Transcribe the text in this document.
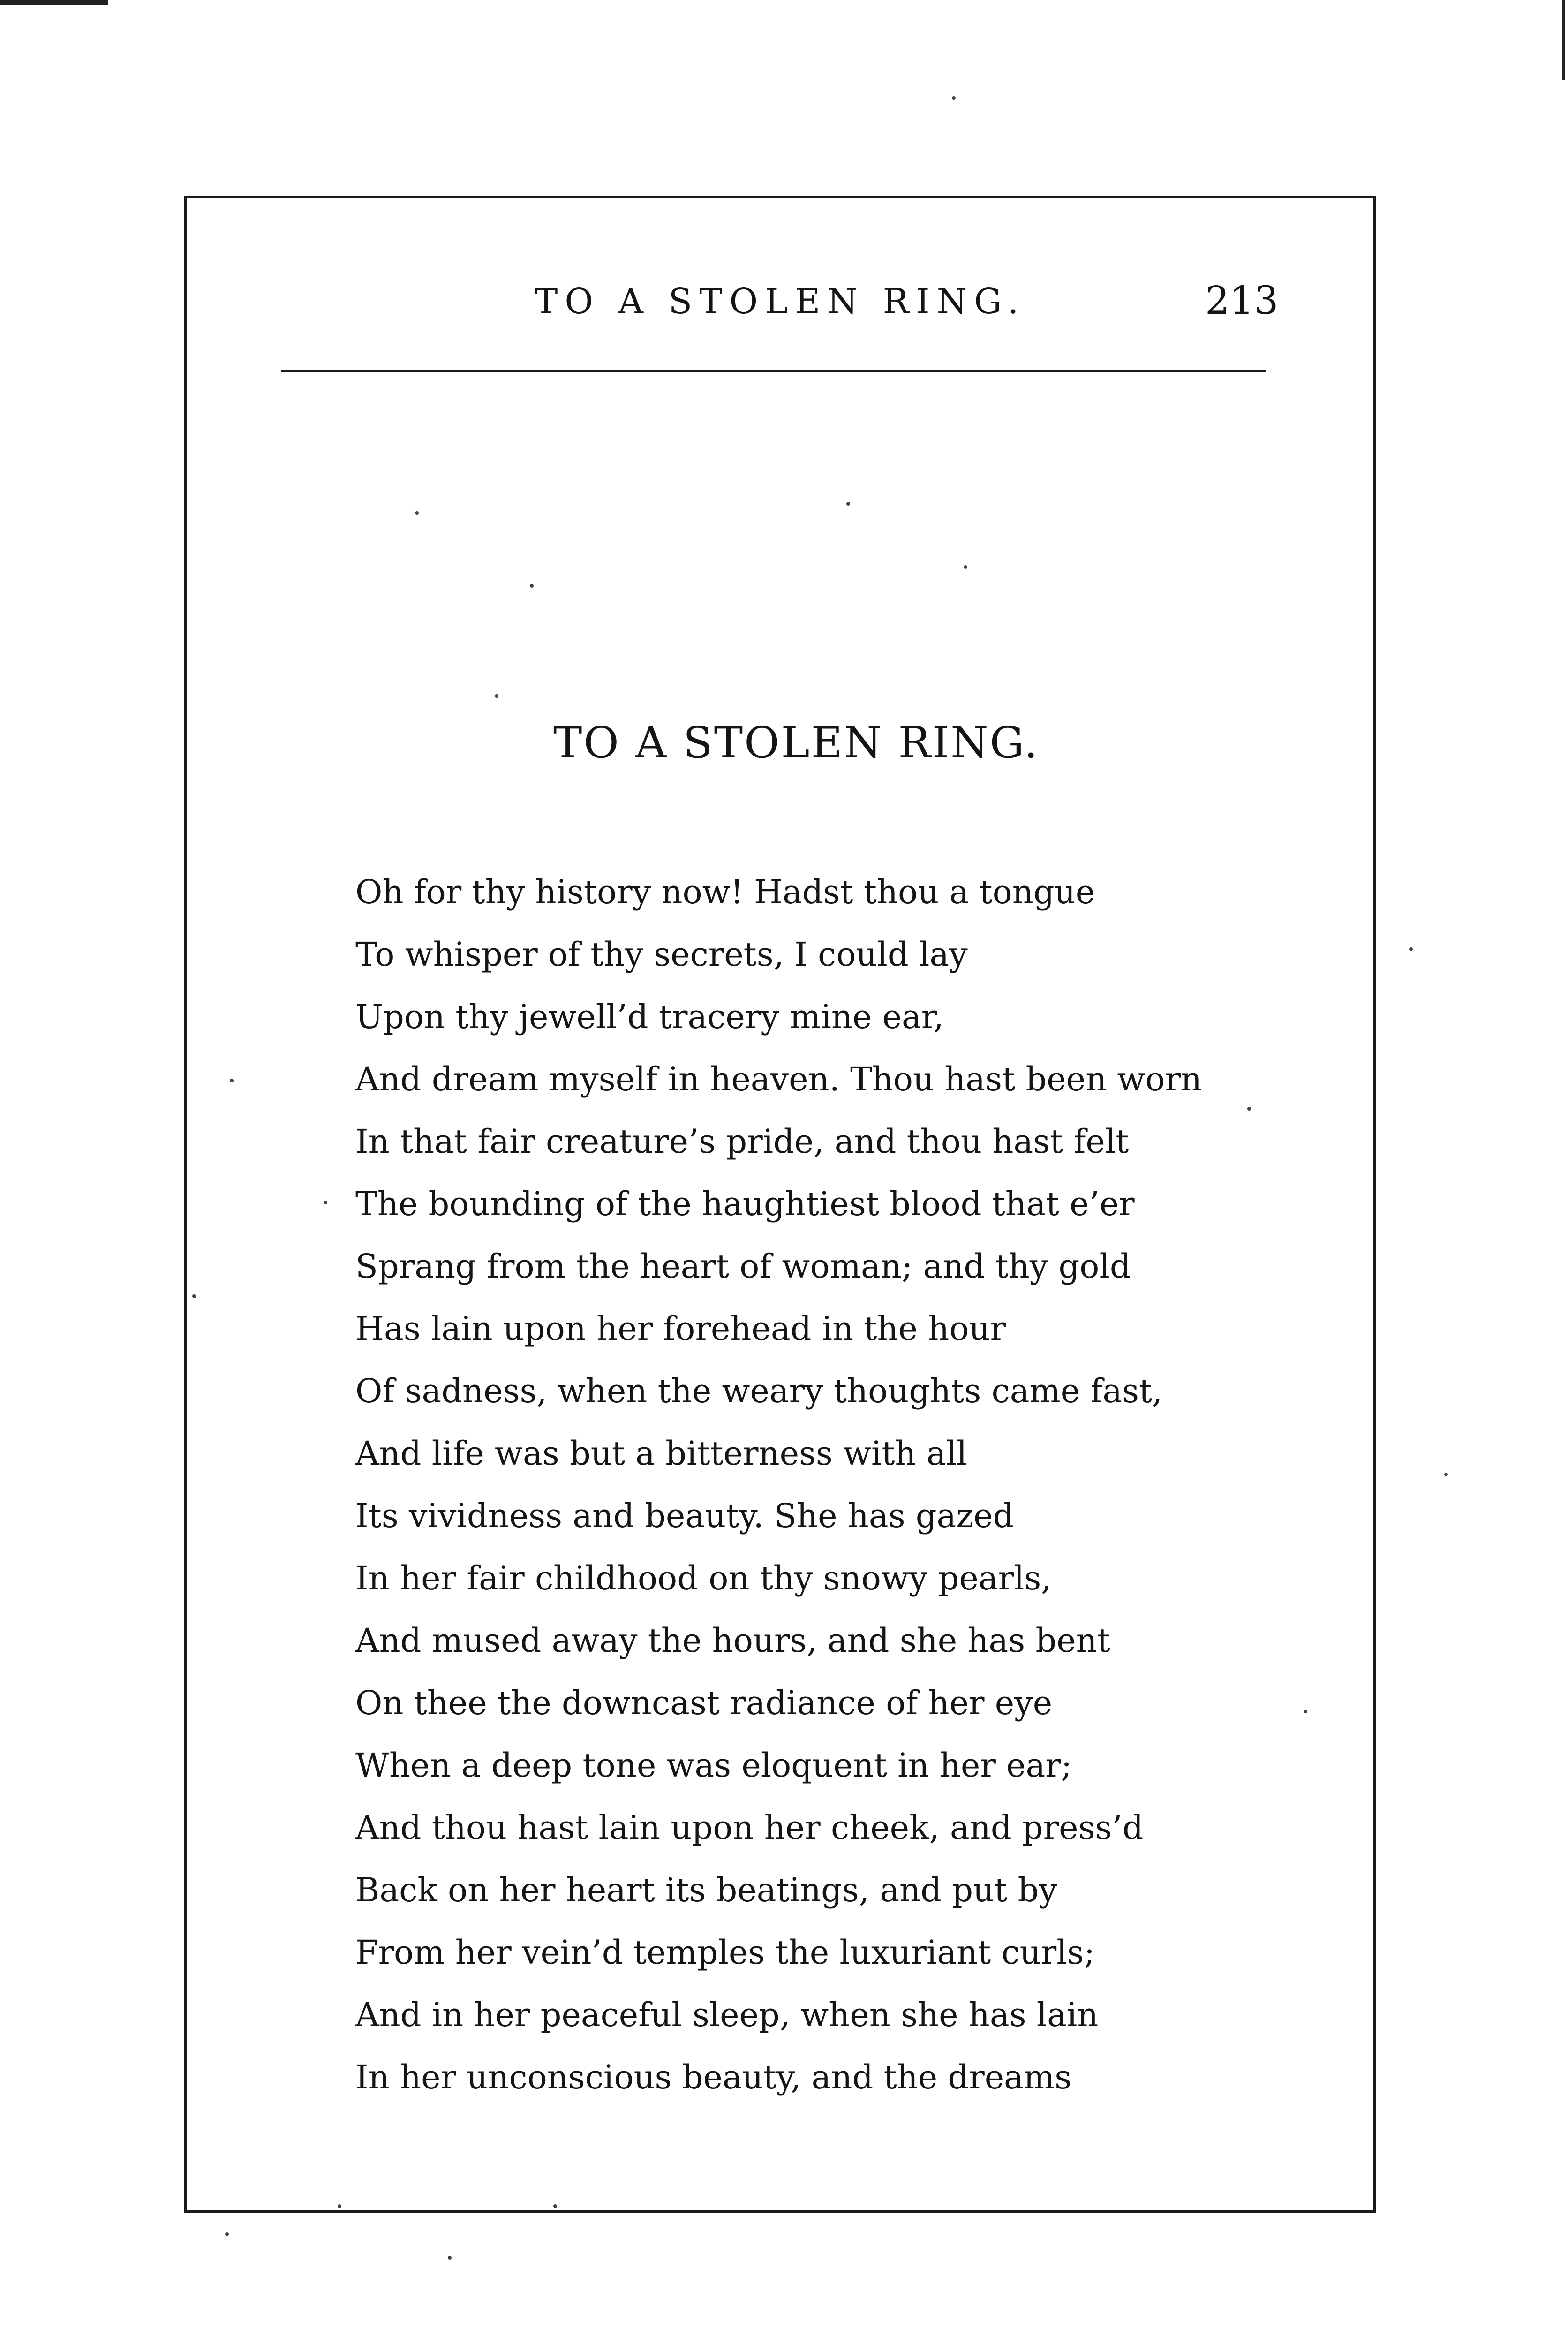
TO A STOLEN RING.	213
TO A STOLEN RING.
Oh for thy history now! Hadst thou a tongue
To whisper of thy secrets, I could lay
Upon thy jewell’d tracery mine ear,
And dream myself in heaven. Thou hast been worn
In that fair creature’s pride, and thou hast felt
The bounding of the haughtiest blood that e’er
Sprang from the heart of woman; and thy gold
Has lain upon her forehead in the hour
Of sadness, when the weary thoughts came fast,
And life was but a bitterness with all
Its vividness and beauty. She has gazed
In her fair childhood on thy snowy pearls,
And mused away the hours, and she has bent
On thee the downcast radiance of her eye
When a deep tone was eloquent in her ear;
And thou hast lain upon her cheek, and press’d
Back on her heart its beatings, and put by
From her vein’d temples the luxuriant curls;
And in her peaceful sleep, when she has lain
In her unconscious beauty, and the dreams
